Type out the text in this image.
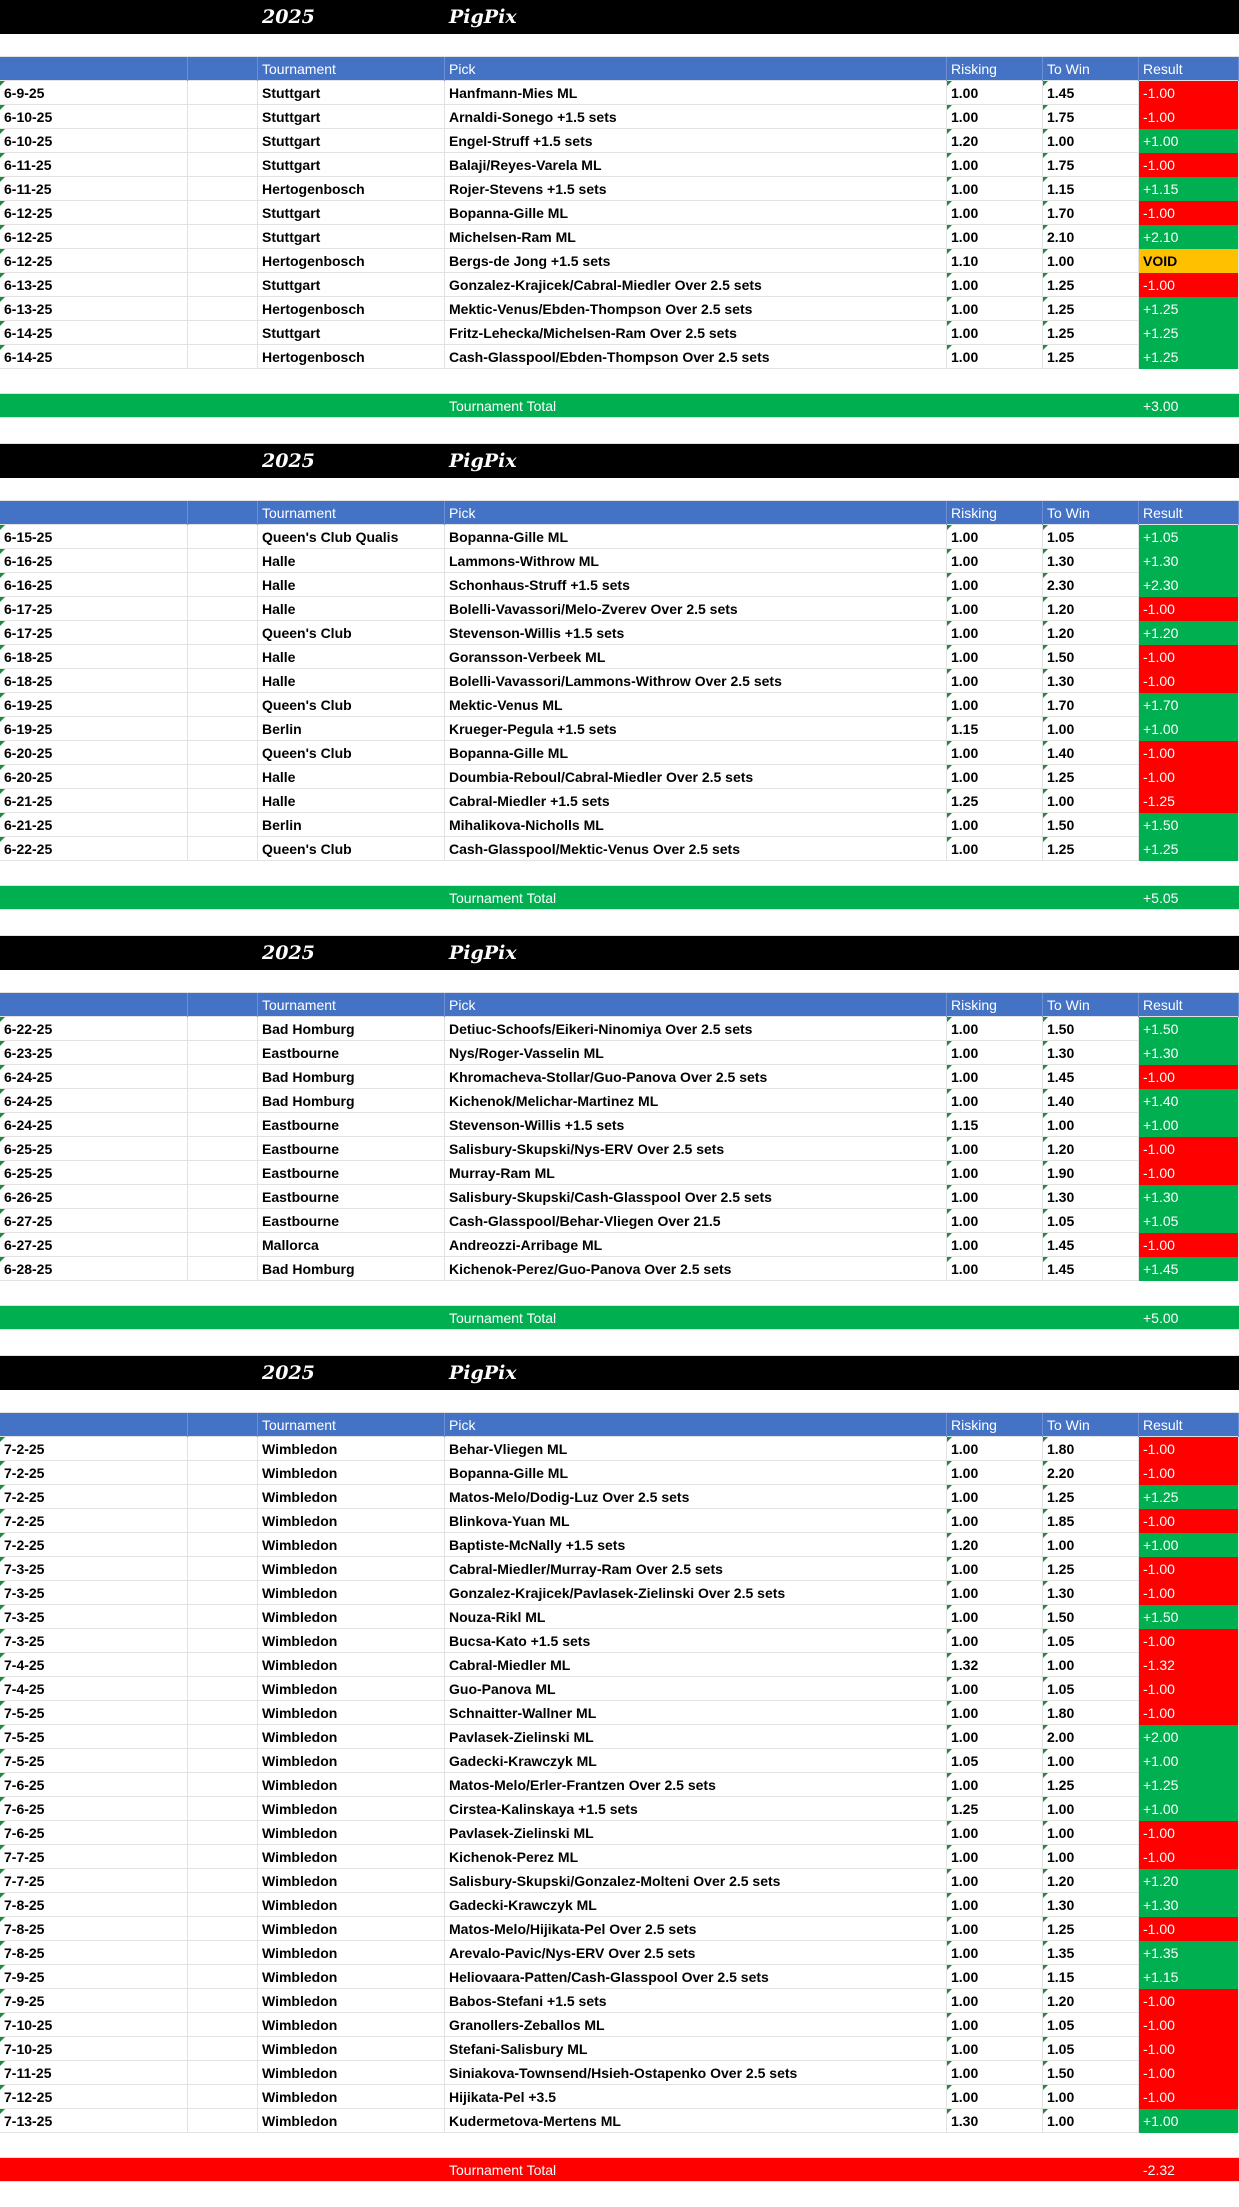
2025	PigPix
Tournament	Pick	Risking	To Win	Result
6-9-25	Stuttgart	Hanfmann-Mies ML	1.00	1.45	-1.00
6-10-25	Stuttgart	Arnaldi-Sonego +1.5 sets	1.00	1.75	-1.00
6-10-25	Stuttgart	Engel-Struff +1.5 sets	1.20	1.00	+1.00
6-11-25	Stuttgart	Balaji/Reyes-Varela ML	1.00	1.75	-1.00
6-11-25	Hertogenbosch	Rojer-Stevens +1.5 sets	1.00	1.15	+1.15
6-12-25	Stuttgart	Bopanna-Gille ML	1.00	1.70	-1.00
6-12-25	Stuttgart	Michelsen-Ram ML	1.00	2.10	+2.10
6-12-25	Hertogenbosch	Bergs-de Jong +1.5 sets	1.10	1.00	VOID
6-13-25	Stuttgart	Gonzalez-Krajicek/Cabral-Miedler Over 2.5 sets	1.00	1.25	-1.00
6-13-25	Hertogenbosch	Mektic-Venus/Ebden-Thompson Over 2.5 sets	1.00	1.25	+1.25
6-14-25	Stuttgart	Fritz-Lehecka/Michelsen-Ram Over 2.5 sets	1.00	1.25	+1.25
6-14-25	Hertogenbosch	Cash-Glasspool/Ebden-Thompson Over 2.5 sets	1.00	1.25	+1.25
Tournament Total	+3.00
2025	PigPix
Tournament	Pick	Risking	To Win	Result
6-15-25	Queen's Club Qualis	Bopanna-Gille ML	1.00	1.05	+1.05
6-16-25	Halle	Lammons-Withrow ML	1.00	1.30	+1.30
6-16-25	Halle	Schonhaus-Struff +1.5 sets	1.00	2.30	+2.30
6-17-25	Halle	Bolelli-Vavassori/Melo-Zverev Over 2.5 sets	1.00	1.20	-1.00
6-17-25	Queen's Club	Stevenson-Willis +1.5 sets	1.00	1.20	+1.20
6-18-25	Halle	Goransson-Verbeek ML	1.00	1.50	-1.00
6-18-25	Halle	Bolelli-Vavassori/Lammons-Withrow Over 2.5 sets	1.00	1.30	-1.00
6-19-25	Queen's Club	Mektic-Venus ML	1.00	1.70	+1.70
6-19-25	Berlin	Krueger-Pegula +1.5 sets	1.15	1.00	+1.00
6-20-25	Queen's Club	Bopanna-Gille ML	1.00	1.40	-1.00
6-20-25	Halle	Doumbia-Reboul/Cabral-Miedler Over 2.5 sets	1.00	1.25	-1.00
6-21-25	Halle	Cabral-Miedler +1.5 sets	1.25	1.00	-1.25
6-21-25	Berlin	Mihalikova-Nicholls ML	1.00	1.50	+1.50
6-22-25	Queen's Club	Cash-Glasspool/Mektic-Venus Over 2.5 sets	1.00	1.25	+1.25
Tournament Total	+5.05
2025	PigPix
Tournament	Pick	Risking	To Win	Result
6-22-25	Bad Homburg	Detiuc-Schoofs/Eikeri-Ninomiya Over 2.5 sets	1.00	1.50	+1.50
6-23-25	Eastbourne	Nys/Roger-Vasselin ML	1.00	1.30	+1.30
6-24-25	Bad Homburg	Khromacheva-Stollar/Guo-Panova Over 2.5 sets	1.00	1.45	-1.00
6-24-25	Bad Homburg	Kichenok/Melichar-Martinez ML	1.00	1.40	+1.40
6-24-25	Eastbourne	Stevenson-Willis +1.5 sets	1.15	1.00	+1.00
6-25-25	Eastbourne	Salisbury-Skupski/Nys-ERV Over 2.5 sets	1.00	1.20	-1.00
6-25-25	Eastbourne	Murray-Ram ML	1.00	1.90	-1.00
6-26-25	Eastbourne	Salisbury-Skupski/Cash-Glasspool Over 2.5 sets	1.00	1.30	+1.30
6-27-25	Eastbourne	Cash-Glasspool/Behar-Vliegen Over 21.5	1.00	1.05	+1.05
6-27-25	Mallorca	Andreozzi-Arribage ML	1.00	1.45	-1.00
6-28-25	Bad Homburg	Kichenok-Perez/Guo-Panova Over 2.5 sets	1.00	1.45	+1.45
Tournament Total	+5.00
2025	PigPix
Tournament	Pick	Risking	To Win	Result
7-2-25	Wimbledon	Behar-Vliegen ML	1.00	1.80	-1.00
7-2-25	Wimbledon	Bopanna-Gille ML	1.00	2.20	-1.00
7-2-25	Wimbledon	Matos-Melo/Dodig-Luz Over 2.5 sets	1.00	1.25	+1.25
7-2-25	Wimbledon	Blinkova-Yuan ML	1.00	1.85	-1.00
7-2-25	Wimbledon	Baptiste-McNally +1.5 sets	1.20	1.00	+1.00
7-3-25	Wimbledon	Cabral-Miedler/Murray-Ram Over 2.5 sets	1.00	1.25	-1.00
7-3-25	Wimbledon	Gonzalez-Krajicek/Pavlasek-Zielinski Over 2.5 sets	1.00	1.30	-1.00
7-3-25	Wimbledon	Nouza-Rikl ML	1.00	1.50	+1.50
7-3-25	Wimbledon	Bucsa-Kato +1.5 sets	1.00	1.05	-1.00
7-4-25	Wimbledon	Cabral-Miedler ML	1.32	1.00	-1.32
7-4-25	Wimbledon	Guo-Panova ML	1.00	1.05	-1.00
7-5-25	Wimbledon	Schnaitter-Wallner ML	1.00	1.80	-1.00
7-5-25	Wimbledon	Pavlasek-Zielinski ML	1.00	2.00	+2.00
7-5-25	Wimbledon	Gadecki-Krawczyk ML	1.05	1.00	+1.00
7-6-25	Wimbledon	Matos-Melo/Erler-Frantzen Over 2.5 sets	1.00	1.25	+1.25
7-6-25	Wimbledon	Cirstea-Kalinskaya +1.5 sets	1.25	1.00	+1.00
7-6-25	Wimbledon	Pavlasek-Zielinski ML	1.00	1.00	-1.00
7-7-25	Wimbledon	Kichenok-Perez ML	1.00	1.00	-1.00
7-7-25	Wimbledon	Salisbury-Skupski/Gonzalez-Molteni Over 2.5 sets	1.00	1.20	+1.20
7-8-25	Wimbledon	Gadecki-Krawczyk ML	1.00	1.30	+1.30
7-8-25	Wimbledon	Matos-Melo/Hijikata-Pel Over 2.5 sets	1.00	1.25	-1.00
7-8-25	Wimbledon	Arevalo-Pavic/Nys-ERV Over 2.5 sets	1.00	1.35	+1.35
7-9-25	Wimbledon	Heliovaara-Patten/Cash-Glasspool Over 2.5 sets	1.00	1.15	+1.15
7-9-25	Wimbledon	Babos-Stefani +1.5 sets	1.00	1.20	-1.00
7-10-25	Wimbledon	Granollers-Zeballos ML	1.00	1.05	-1.00
7-10-25	Wimbledon	Stefani-Salisbury ML	1.00	1.05	-1.00
7-11-25	Wimbledon	Siniakova-Townsend/Hsieh-Ostapenko Over 2.5 sets	1.00	1.50	-1.00
7-12-25	Wimbledon	Hijikata-Pel +3.5	1.00	1.00	-1.00
7-13-25	Wimbledon	Kudermetova-Mertens ML	1.30	1.00	+1.00
Tournament Total	-2.32
